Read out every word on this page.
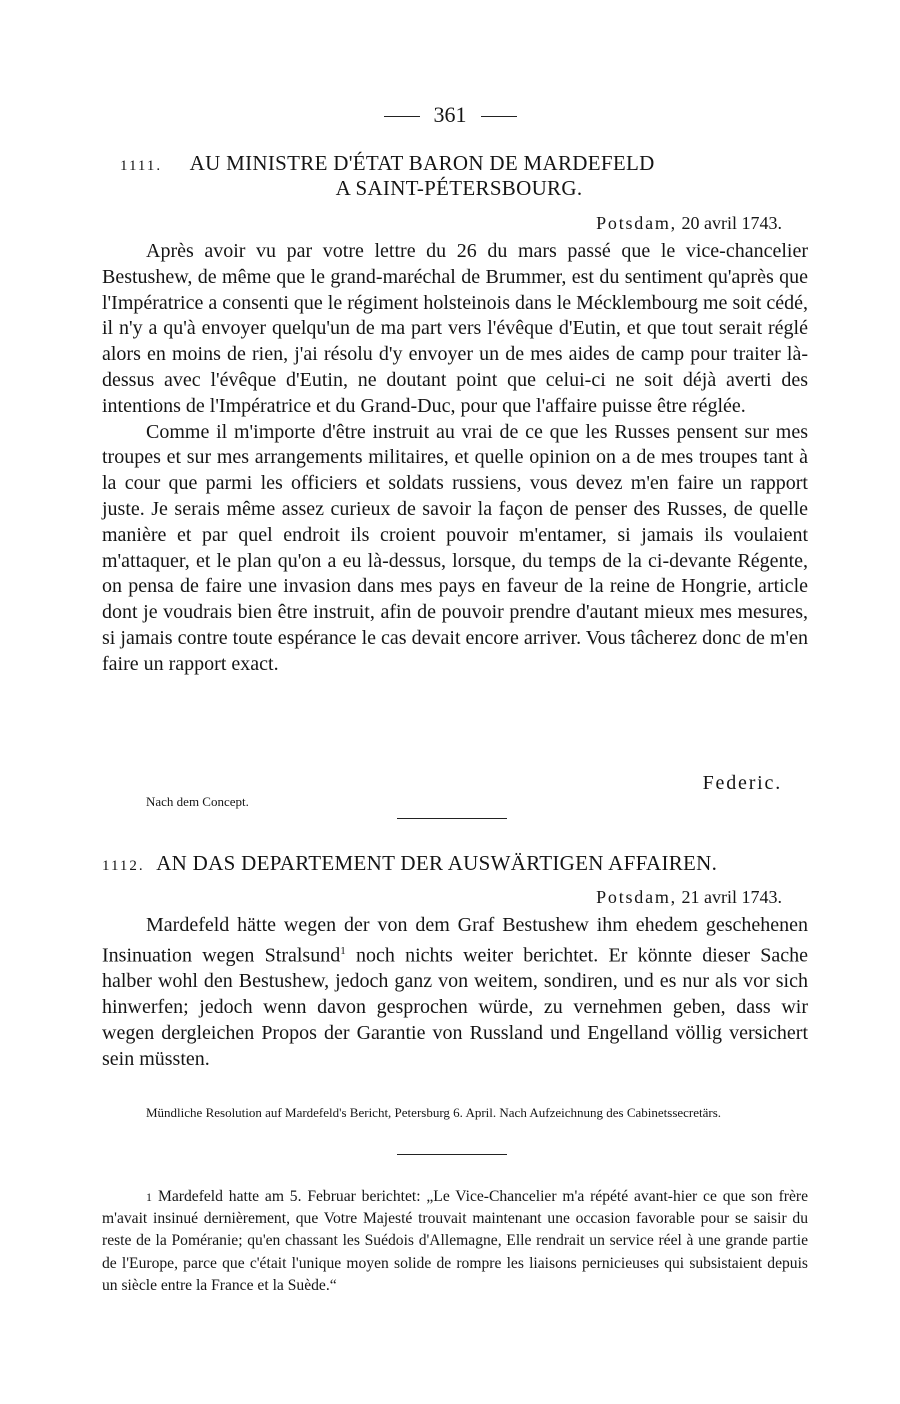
361
1111. AU MINISTRE D'ÉTAT BARON DE MARDEFELD
A SAINT-PÉTERSBOURG.
Potsdam, 20 avril 1743.

Après avoir vu par votre lettre du 26 du mars passé que le vice-chancelier Bestushew, de même que le grand-maréchal de Brummer, est du sentiment qu'après que l'Impératrice a consenti que le régiment holsteinois dans le Mécklembourg me soit cédé, il n'y a qu'à envoyer quelqu'un de ma part vers l'évêque d'Eutin, et que tout serait réglé alors en moins de rien, j'ai résolu d'y envoyer un de mes aides de camp pour traiter là-dessus avec l'évêque d'Eutin, ne doutant point que celui-ci ne soit déjà averti des intentions de l'Impératrice et du Grand-Duc, pour que l'affaire puisse être réglée.

Comme il m'importe d'être instruit au vrai de ce que les Russes pensent sur mes troupes et sur mes arrangements militaires, et quelle opinion on a de mes troupes tant à la cour que parmi les officiers et soldats russiens, vous devez m'en faire un rapport juste. Je serais même assez curieux de savoir la façon de penser des Russes, de quelle manière et par quel endroit ils croient pouvoir m'entamer, si jamais ils voulaient m'attaquer, et le plan qu'on a eu là-dessus, lorsque, du temps de la ci-devante Régente, on pensa de faire une invasion dans mes pays en faveur de la reine de Hongrie, article dont je voudrais bien être instruit, afin de pouvoir prendre d'autant mieux mes mesures, si jamais contre toute espérance le cas devait encore arriver. Vous tâcherez donc de m'en faire un rapport exact.

Federic.
Nach dem Concept.
1112. AN DAS DEPARTEMENT DER AUSWÄRTIGEN AFFAIREN.
Potsdam, 21 avril 1743.

Mardefeld hätte wegen der von dem Graf Bestushew ihm ehedem geschehenen Insinuation wegen Stralsund$^1$ noch nichts weiter berichtet. Er könnte dieser Sache halber wohl den Bestushew, jedoch ganz von weitem, sondiren, und es nur als vor sich hinwerfen; jedoch wenn davon gesprochen würde, zu vernehmen geben, dass wir wegen dergleichen Propos der Garantie von Russland und Engelland völlig versichert sein müssten.

Mündliche Resolution auf Mardefeld's Bericht, Petersburg 6. April. Nach Aufzeichnung des Cabinetssecretärs.

1 Mardefeld hatte am 5. Februar berichtet: „Le Vice-Chancelier m'a répété avant-hier ce que son frère m'avait insinué dernièrement, que Votre Majesté trouvait maintenant une occasion favorable pour se saisir du reste de la Poméranie; qu'en chassant les Suédois d'Allemagne, Elle rendrait un service réel à une grande partie de l'Europe, parce que c'était l'unique moyen solide de rompre les liaisons pernicieuses qui subsistaient depuis un siècle entre la France et la Suède.“
